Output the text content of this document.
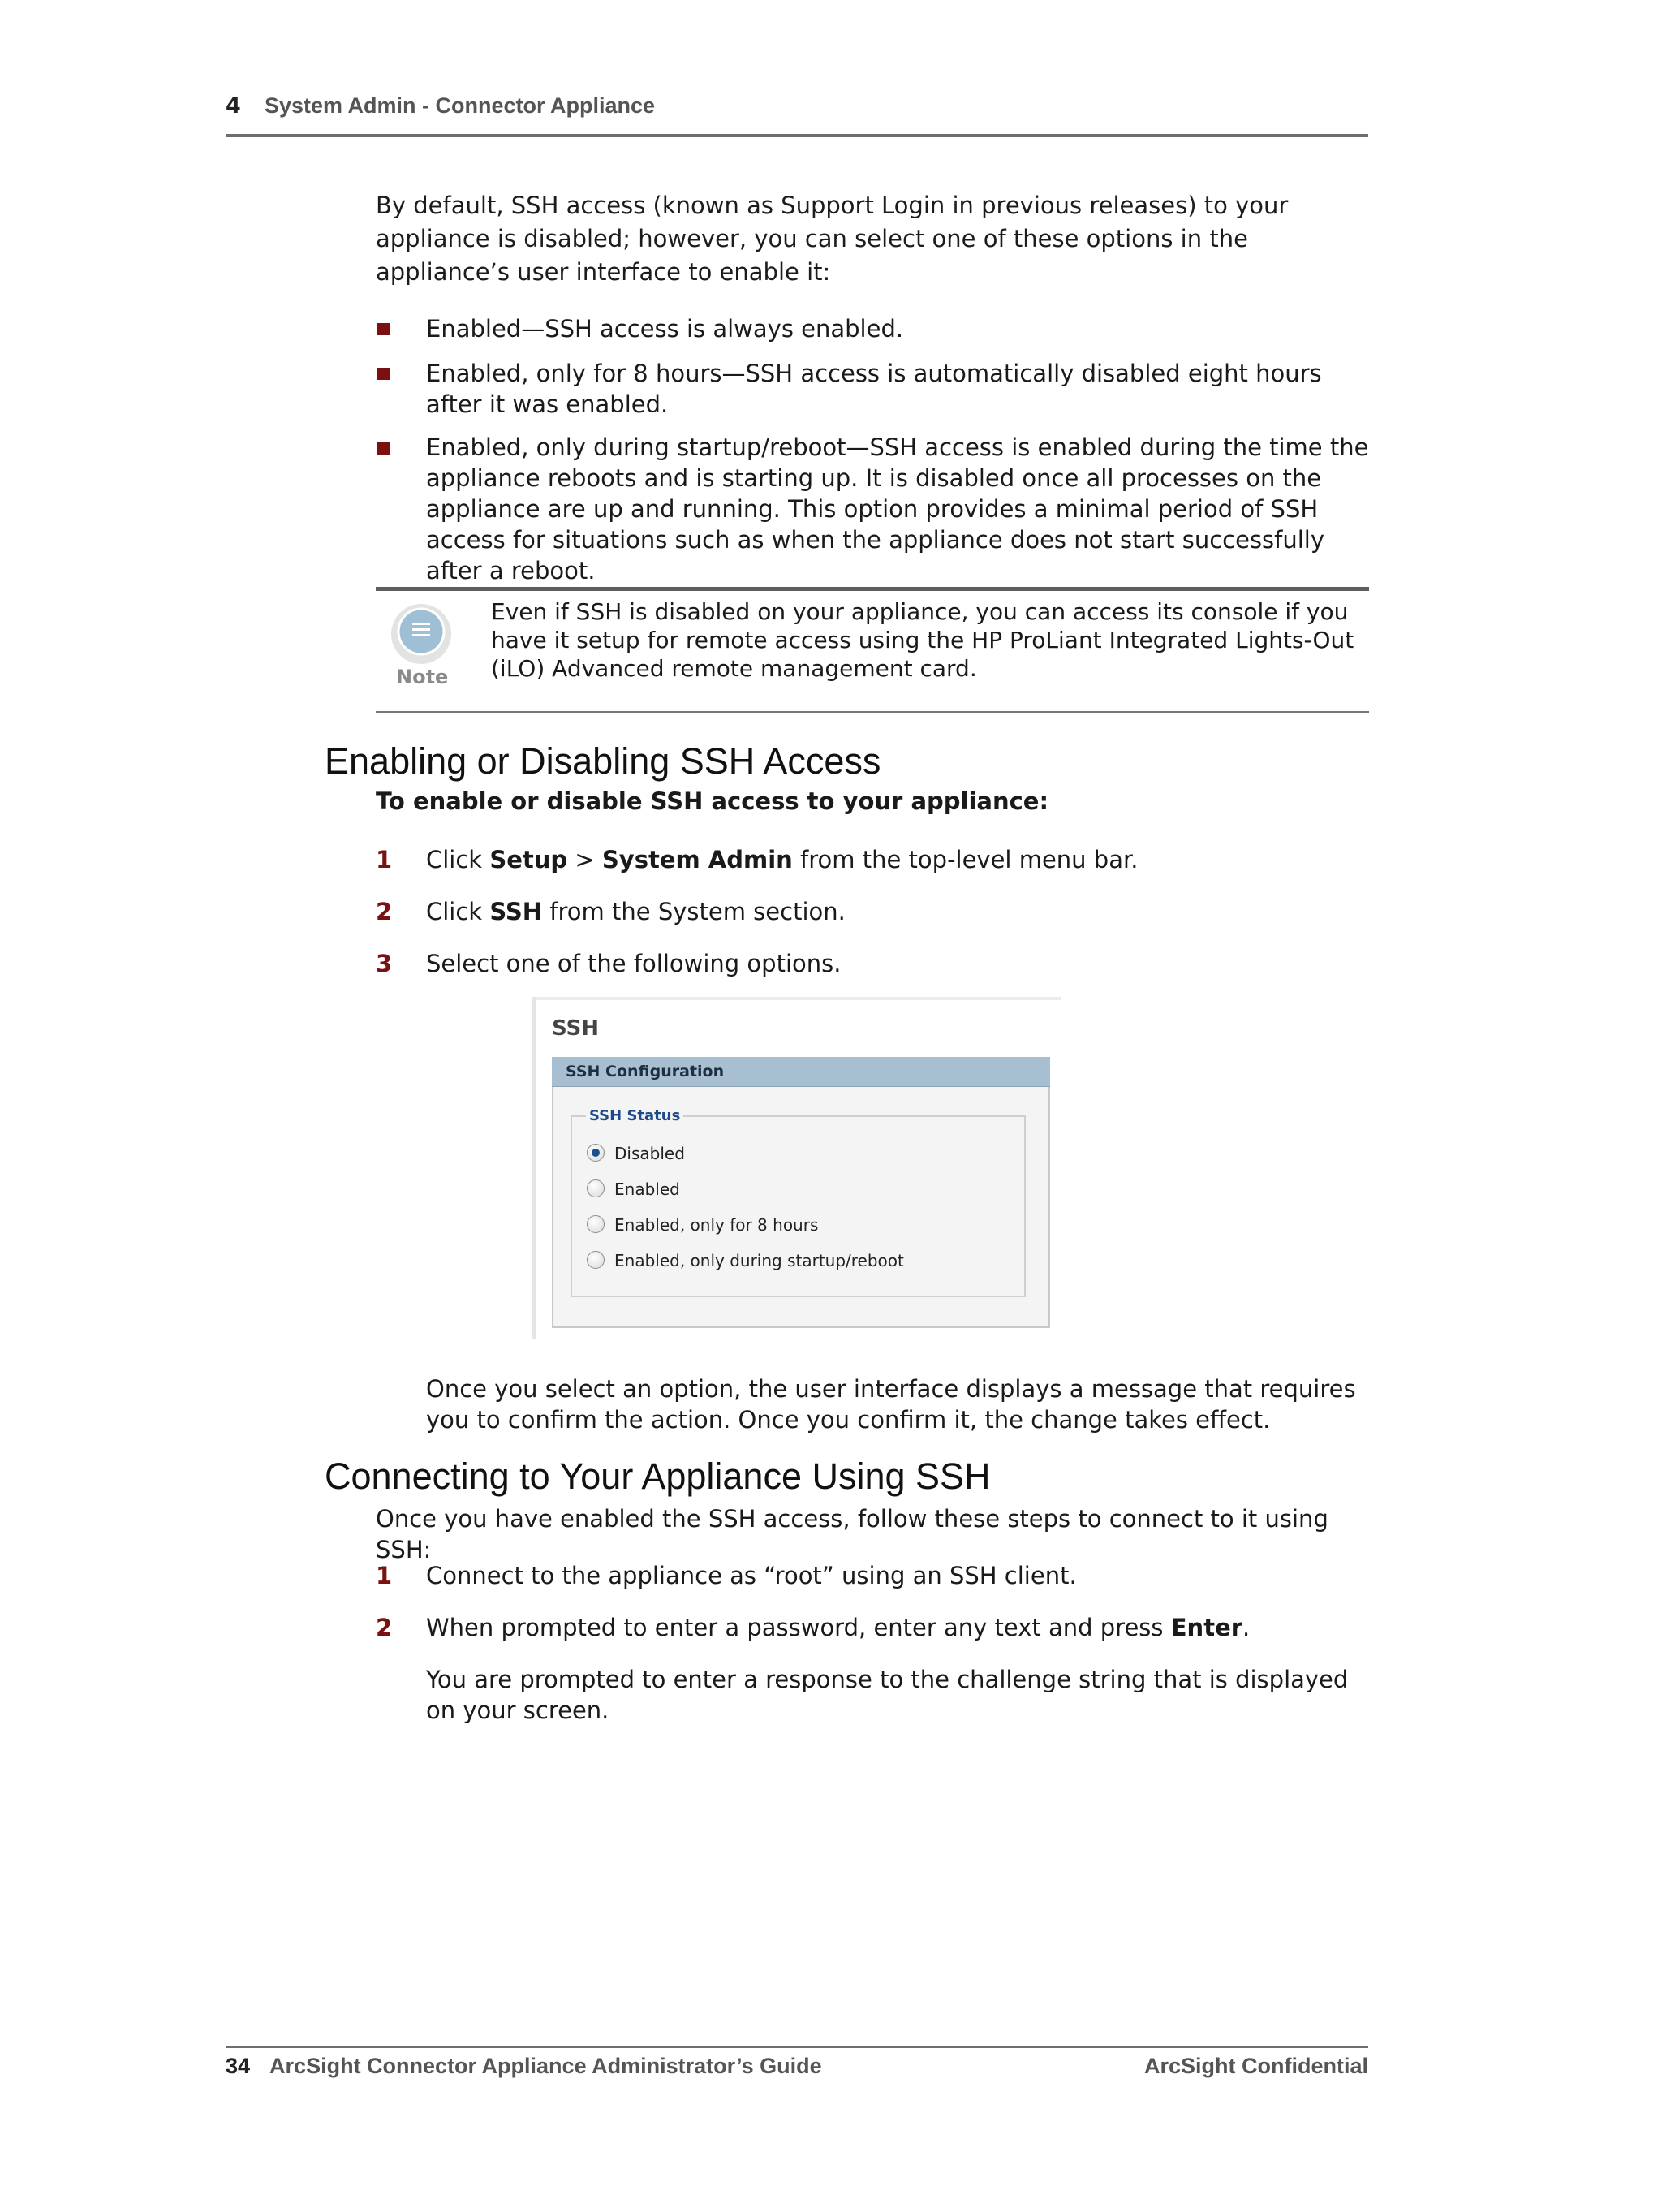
4 System Admin - Connector Appliance
By default, SSH access (known as Support Login in previous releases) to your appliance is disabled; however, you can select one of these options in the appliance’s user interface to enable it:
Enabled—SSH access is always enabled.
Enabled, only for 8 hours—SSH access is automatically disabled eight hours after it was enabled.
Enabled, only during startup/reboot—SSH access is enabled during the time the appliance reboots and is starting up. It is disabled once all processes on the appliance are up and running. This option provides a minimal period of SSH access for situations such as when the appliance does not start successfully after a reboot.
Note
Even if SSH is disabled on your appliance, you can access its console if you have it setup for remote access using the HP ProLiant Integrated Lights-Out (iLO) Advanced remote management card.
Enabling or Disabling SSH Access
To enable or disable SSH access to your appliance:
1 Click Setup > System Admin from the top-level menu bar.
2 Click SSH from the System section.
3 Select one of the following options.
SSH
SSH Configuration
SSH Status
Disabled
Enabled
Enabled, only for 8 hours
Enabled, only during startup/reboot
Once you select an option, the user interface displays a message that requires you to confirm the action. Once you confirm it, the change takes effect.
Connecting to Your Appliance Using SSH
Once you have enabled the SSH access, follow these steps to connect to it using SSH:
1 Connect to the appliance as “root” using an SSH client.
2 When prompted to enter a password, enter any text and press Enter.
You are prompted to enter a response to the challenge string that is displayed on your screen.
34 ArcSight Connector Appliance Administrator’s Guide	ArcSight Confidential
